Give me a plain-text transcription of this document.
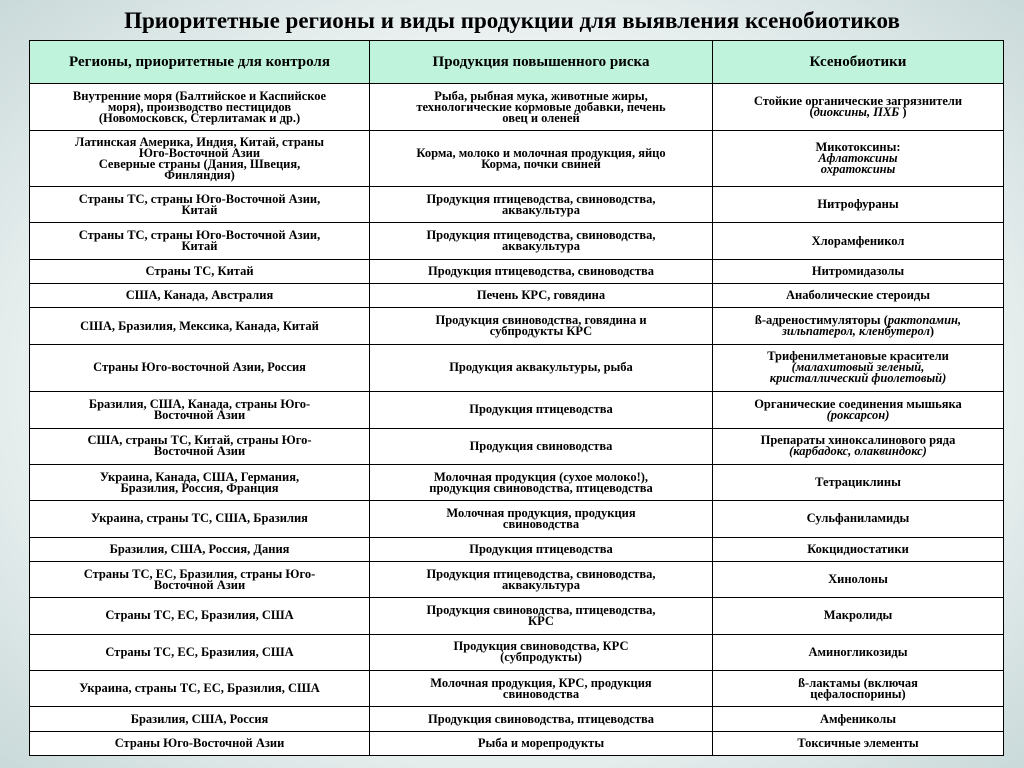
Приоритетные регионы и виды продукции для выявления ксенобиотиков
Регионы, приоритетные для контроля	Продукция повышенного риска	Ксенобиотики

Внутренние моря (Балтийское и Каспийское
моря), производство пестицидов
(Новомосковск, Стерлитамак и др.)	Рыба, рыбная мука, животные жиры,
технологические кормовые добавки, печень
овец и оленей	Стойкие органические загрязнители
(диоксины, ПХБ )

Латинская Америка, Индия, Китай, страны
Юго-Восточной Азии
Северные страны (Дания, Швеция,
Финляндия)	Корма, молоко и молочная продукция, яйцо
Корма, почки свиней	Микотоксины:
Афлатоксины
охратоксины

Страны ТС, страны Юго-Восточной Азии,
Китай	Продукция птицеводства, свиноводства,
аквакультура	Нитрофураны

Страны ТС, страны Юго-Восточной Азии,
Китай	Продукция птицеводства, свиноводства,
аквакультура	Хлорамфеникол

Страны ТС, Китай	Продукция птицеводства, свиноводства	Нитромидазолы

США, Канада, Австралия	Печень КРС, говядина	Анаболические стероиды

США, Бразилия, Мексика, Канада, Китай	Продукция свиноводства, говядина и
субпродукты КРС	ß-адреностимуляторы (рактопамин,
зильпатерол, кленбутерол)

Страны Юго-восточной Азии, Россия	Продукция аквакультуры, рыба	Трифенилметановые красители
(малахитовый зеленый,
кристаллический фиолетовый)

Бразилия, США, Канада, страны Юго-
Восточной Азии	Продукция птицеводства	Органические соединения мышьяка
(роксарсон)

США, страны ТС, Китай, страны Юго-
Восточной Азии	Продукция свиноводства	Препараты хиноксалинового ряда
(карбадокс, олаквиндокс)

Украина, Канада, США, Германия,
Бразилия, Россия, Франция	Молочная продукция (сухое молоко!),
продукция свиноводства, птицеводства	Тетрациклины

Украина, страны ТС, США, Бразилия	Молочная продукция, продукция
свиноводства	Сульфаниламиды

Бразилия, США, Россия, Дания	Продукция птицеводства	Кокцидиостатики

Страны ТС, ЕС, Бразилия, страны Юго-
Восточной Азии	Продукция птицеводства, свиноводства,
аквакультура	Хинолоны

Страны ТС, ЕС, Бразилия, США	Продукция свиноводства, птицеводства,
КРС	Макролиды

Страны ТС, ЕС, Бразилия, США	Продукция свиноводства, КРС
(субпродукты)	Аминогликозиды

Украина, страны ТС, ЕС, Бразилия, США	Молочная продукция, КРС, продукция
свиноводства	ß-лактамы (включая
цефалоспорины)

Бразилия, США, Россия	Продукция свиноводства, птицеводства	Амфениколы

Страны Юго-Восточной Азии	Рыба и морепродукты	Токсичные элементы
